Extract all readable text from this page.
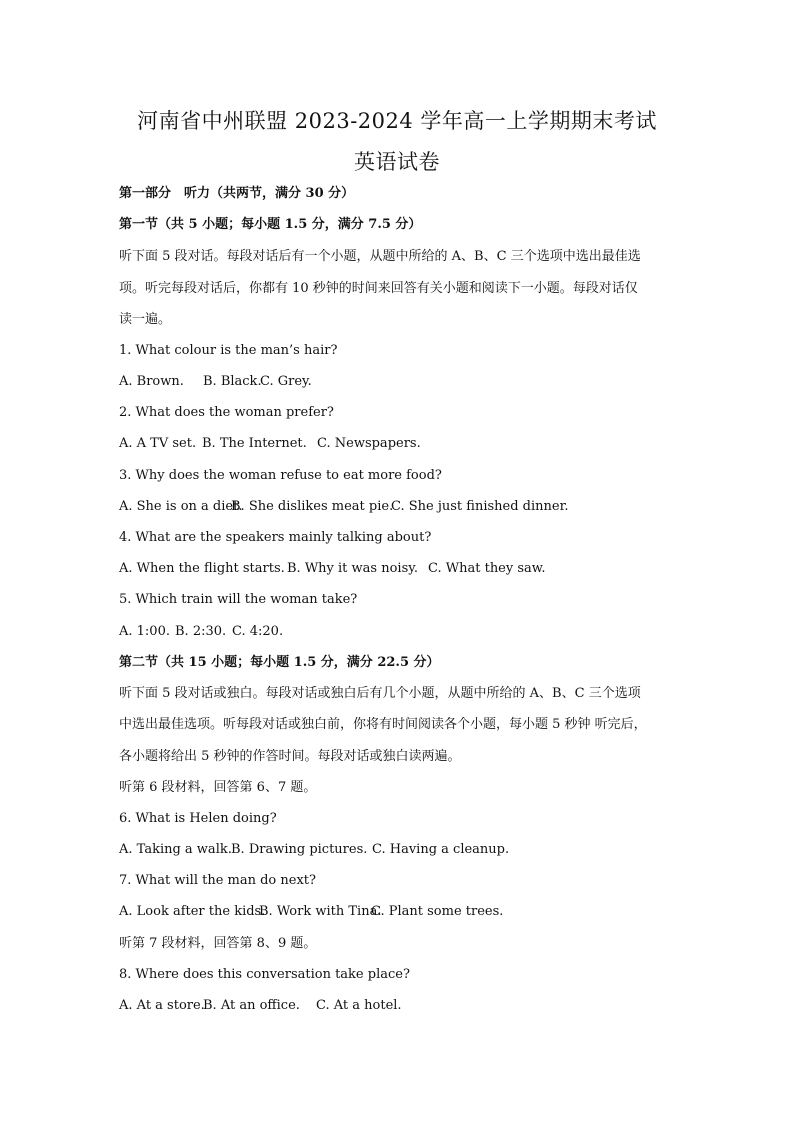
河南省中州联盟 2023-2024 学年高一上学期期末考试
英语试卷
第一部分　听力（共两节，满分 30 分）
第一节（共 5 小题；每小题 1.5 分，满分 7.5 分）
听下面 5 段对话。每段对话后有一个小题，从题中所给的 A、B、C 三个选项中选出最佳选
项。听完每段对话后，你都有 10 秒钟的时间来回答有关小题和阅读下一小题。每段对话仅
读一遍。
1. What colour is the man’s hair?
A. Brown. B. Black.C. Grey.
2. What does the woman prefer?
A. A TV set. B. The Internet. C. Newspapers.
3. Why does the woman refuse to eat more food?
A. She is on a diet.B. She dislikes meat pie.C. She just finished dinner.
4. What are the speakers mainly talking about?
A. When the flight starts. B. Why it was noisy. C. What they saw.
5. Which train will the woman take?
A. 1:00. B. 2:30. C. 4:20.
第二节（共 15 小题；每小题 1.5 分，满分 22.5 分）
听下面 5 段对话或独白。每段对话或独白后有几个小题，从题中所给的 A、B、C 三个选项
中选出最佳选项。听每段对话或独白前，你将有时间阅读各个小题，每小题 5 秒钟 听完后，
各小题将给出 5 秒钟的作答时间。每段对话或独白读两遍。
听第 6 段材料，回答第 6、7 题。
6. What is Helen doing?
A. Taking a walk.B. Drawing pictures. C. Having a cleanup.
7. What will the man do next?
A. Look after the kids.B. Work with Tina.C. Plant some trees.
听第 7 段材料，回答第 8、9 题。
8. Where does this conversation take place?
A. At a store.B. At an office. C. At a hotel.
